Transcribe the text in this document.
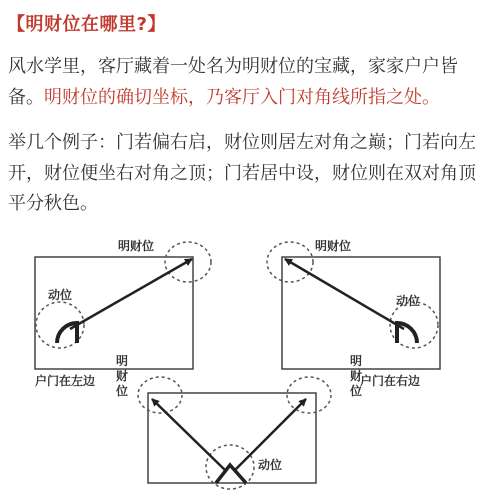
【明财位在哪里?】
风水学里，客厅藏着一处名为明财位的宝藏，家家户户皆备。明财位的确切坐标，乃客厅入门对角线所指之处。
举几个例子：门若偏右启，财位则居左对角之巅；门若向左开，财位便坐右对角之顶；门若居中设，财位则在双对角顶平分秋色。
明财位
动位
户门在左边
明财位
动位
户门在右边
明
财
位
明
财
位
动位
